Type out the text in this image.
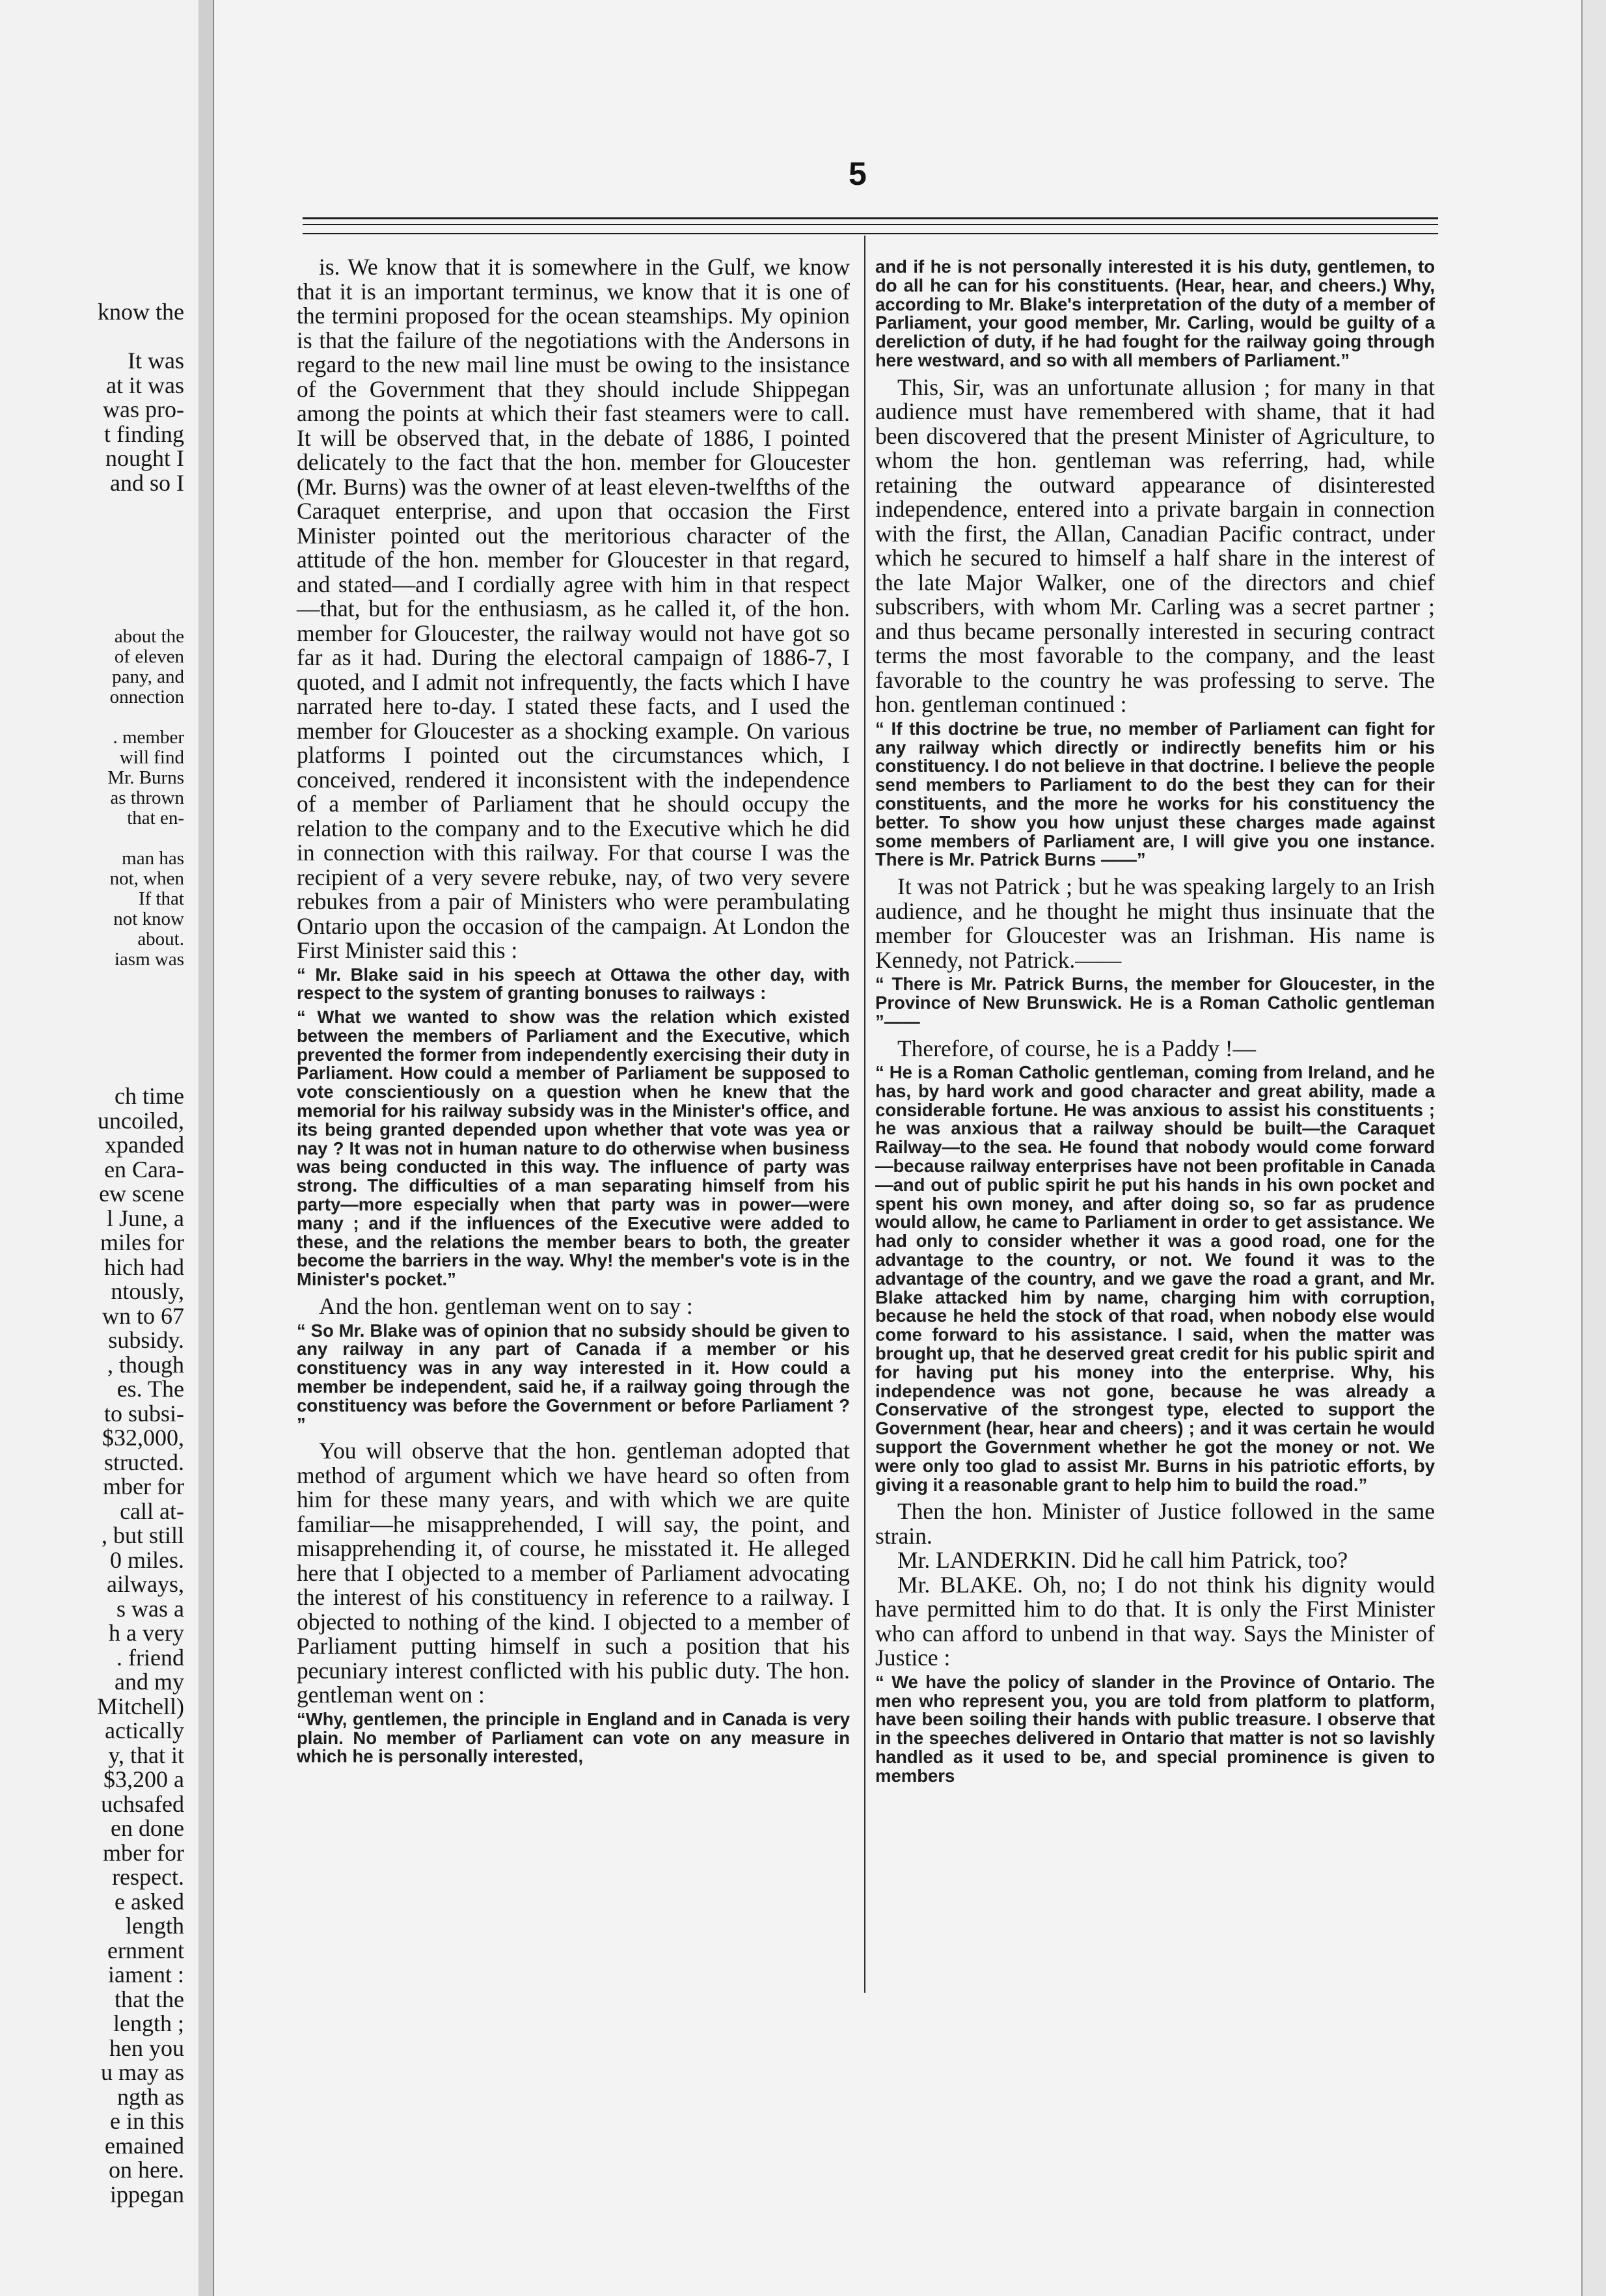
know the

It was
at it was
was pro-
t finding
nought I
and so I

about the
of eleven
pany, and
onnection

. member
will find
Mr. Burns
as thrown
that en-

man has
not, when
If that
not know
about.
iasm was

ch time
uncoiled,
xpanded
en Cara-
ew scene
l June, a
miles for
hich had
ntously,
wn to 67
subsidy.
, though
es. The
to subsi-
$32,000,
structed.
mber for
call at-
, but still
0 miles.
ailways,
s was a
h a very
. friend
and my
Mitchell)
actically
y, that it
$3,200 a
uchsafed
en done
mber for
respect.
e asked
length
ernment
iament :
that the
length ;
hen you
u may as
ngth as
e in this
emained
on here.
ippegan

5

is. We know that it is somewhere in the Gulf, we know that it is an important terminus, we know that it is one of the termini proposed for the ocean steamships. My opinion is that the failure of the negotiations with the Andersons in regard to the new mail line must be owing to the insistance of the Government that they should include Shippegan among the points at which their fast steamers were to call. It will be observed that, in the debate of 1886, I pointed delicately to the fact that the hon. member for Gloucester (Mr. Burns) was the owner of at least eleven-twelfths of the Caraquet enterprise, and upon that occasion the First Minister pointed out the meritorious character of the attitude of the hon. member for Gloucester in that regard, and stated—and I cordially agree with him in that respect—that, but for the enthusiasm, as he called it, of the hon. member for Gloucester, the railway would not have got so far as it had. During the electoral campaign of 1886-7, I quoted, and I admit not infrequently, the facts which I have narrated here to-day. I stated these facts, and I used the member for Gloucester as a shocking example. On various platforms I pointed out the circumstances which, I conceived, rendered it inconsistent with the independence of a member of Parliament that he should occupy the relation to the company and to the Executive which he did in connection with this railway. For that course I was the recipient of a very severe rebuke, nay, of two very severe rebukes from a pair of Ministers who were perambulating Ontario upon the occasion of the campaign. At London the First Minister said this :

“ Mr. Blake said in his speech at Ottawa the other day, with respect to the system of granting bonuses to railways :

“ What we wanted to show was the relation which existed between the members of Parliament and the Executive, which prevented the former from independently exercising their duty in Parliament. How could a member of Parliament be supposed to vote conscientiously on a question when he knew that the memorial for his railway subsidy was in the Minister's office, and its being granted depended upon whether that vote was yea or nay ? It was not in human nature to do otherwise when business was being conducted in this way. The influence of party was strong. The difficulties of a man separating himself from his party—more especially when that party was in power—were many ; and if the influences of the Executive were added to these, and the relations the member bears to both, the greater become the barriers in the way. Why! the member's vote is in the Minister's pocket.”

And the hon. gentleman went on to say :

“ So Mr. Blake was of opinion that no subsidy should be given to any railway in any part of Canada if a member or his constituency was in any way interested in it. How could a member be independent, said he, if a railway going through the constituency was before the Government or before Parliament ? ”

You will observe that the hon. gentleman adopted that method of argument which we have heard so often from him for these many years, and with which we are quite familiar—he misapprehended, I will say, the point, and misapprehending it, of course, he misstated it. He alleged here that I objected to a member of Parliament advocating the interest of his constituency in reference to a railway. I objected to nothing of the kind. I objected to a member of Parliament putting himself in such a position that his pecuniary interest conflicted with his public duty. The hon. gentleman went on :

“Why, gentlemen, the principle in England and in Canada is very plain. No member of Parliament can vote on any measure in which he is personally interested,

and if he is not personally interested it is his duty, gentlemen, to do all he can for his constituents. (Hear, hear, and cheers.) Why, according to Mr. Blake's interpretation of the duty of a member of Parliament, your good member, Mr. Carling, would be guilty of a dereliction of duty, if he had fought for the railway going through here westward, and so with all members of Parliament.”

This, Sir, was an unfortunate allusion ; for many in that audience must have remembered with shame, that it had been discovered that the present Minister of Agriculture, to whom the hon. gentleman was referring, had, while retaining the outward appearance of disinterested independence, entered into a private bargain in connection with the first, the Allan, Canadian Pacific contract, under which he secured to himself a half share in the interest of the late Major Walker, one of the directors and chief subscribers, with whom Mr. Carling was a secret partner ; and thus became personally interested in securing contract terms the most favorable to the company, and the least favorable to the country he was professing to serve. The hon. gentleman continued :

“ If this doctrine be true, no member of Parliament can fight for any railway which directly or indirectly benefits him or his constituency. I do not believe in that doctrine. I believe the people send members to Parliament to do the best they can for their constituents, and the more he works for his constituency the better. To show you how unjust these charges made against some members of Parliament are, I will give you one instance. There is Mr. Patrick Burns ——”

It was not Patrick ; but he was speaking largely to an Irish audience, and he thought he might thus insinuate that the member for Gloucester was an Irishman. His name is Kennedy, not Patrick.——

“ There is Mr. Patrick Burns, the member for Gloucester, in the Province of New Brunswick. He is a Roman Catholic gentleman ”——

Therefore, of course, he is a Paddy !—

“ He is a Roman Catholic gentleman, coming from Ireland, and he has, by hard work and good character and great ability, made a considerable fortune. He was anxious to assist his constituents ; he was anxious that a railway should be built—the Caraquet Railway—to the sea. He found that nobody would come forward—because railway enterprises have not been profitable in Canada—and out of public spirit he put his hands in his own pocket and spent his own money, and after doing so, so far as prudence would allow, he came to Parliament in order to get assistance. We had only to consider whether it was a good road, one for the advantage to the country, or not. We found it was to the advantage of the country, and we gave the road a grant, and Mr. Blake attacked him by name, charging him with corruption, because he held the stock of that road, when nobody else would come forward to his assistance. I said, when the matter was brought up, that he deserved great credit for his public spirit and for having put his money into the enterprise. Why, his independence was not gone, because he was already a Conservative of the strongest type, elected to support the Government (hear, hear and cheers) ; and it was certain he would support the Government whether he got the money or not. We were only too glad to assist Mr. Burns in his patriotic efforts, by giving it a reasonable grant to help him to build the road.”

Then the hon. Minister of Justice followed in the same strain.

Mr. LANDERKIN. Did he call him Patrick, too?

Mr. BLAKE. Oh, no; I do not think his dignity would have permitted him to do that. It is only the First Minister who can afford to unbend in that way. Says the Minister of Justice :

“ We have the policy of slander in the Province of Ontario. The men who represent you, you are told from platform to platform, have been soiling their hands with public treasure. I observe that in the speeches delivered in Ontario that matter is not so lavishly handled as it used to be, and special prominence is given to members
